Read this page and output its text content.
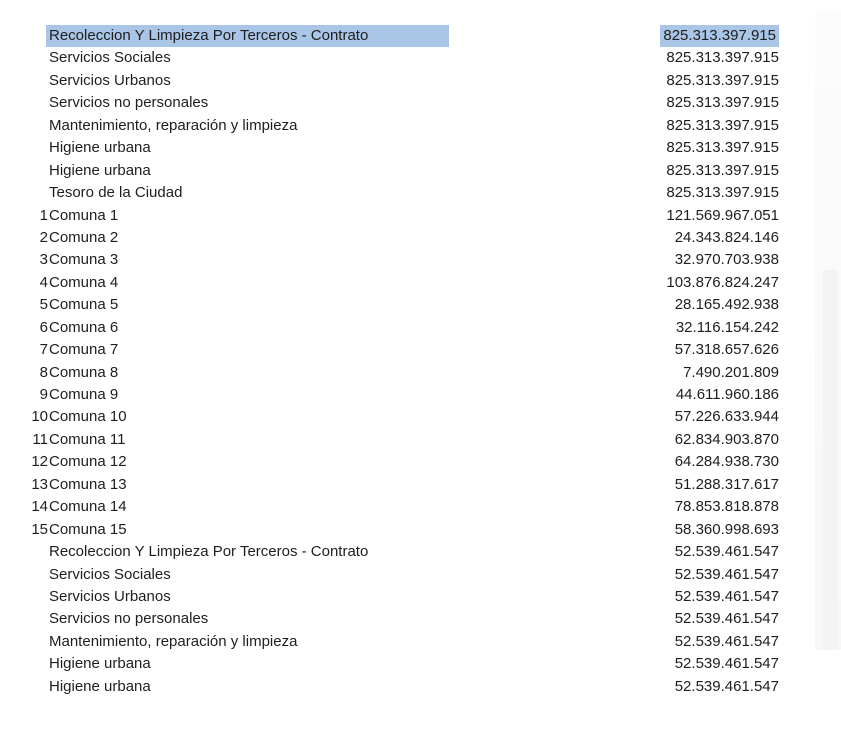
Recoleccion Y Limpieza Por Terceros - Contrato	825.313.397.915
Servicios Sociales	825.313.397.915
Servicios Urbanos	825.313.397.915
Servicios no personales	825.313.397.915
Mantenimiento, reparación y limpieza	825.313.397.915
Higiene urbana	825.313.397.915
Higiene urbana	825.313.397.915
Tesoro de la Ciudad	825.313.397.915
1 Comuna 1	121.569.967.051
2 Comuna 2	24.343.824.146
3 Comuna 3	32.970.703.938
4 Comuna 4	103.876.824.247
5 Comuna 5	28.165.492.938
6 Comuna 6	32.116.154.242
7 Comuna 7	57.318.657.626
8 Comuna 8	7.490.201.809
9 Comuna 9	44.611.960.186
10 Comuna 10	57.226.633.944
11 Comuna 11	62.834.903.870
12 Comuna 12	64.284.938.730
13 Comuna 13	51.288.317.617
14 Comuna 14	78.853.818.878
15 Comuna 15	58.360.998.693
Recoleccion Y Limpieza Por Terceros - Contrato	52.539.461.547
Servicios Sociales	52.539.461.547
Servicios Urbanos	52.539.461.547
Servicios no personales	52.539.461.547
Mantenimiento, reparación y limpieza	52.539.461.547
Higiene urbana	52.539.461.547
Higiene urbana	52.539.461.547
